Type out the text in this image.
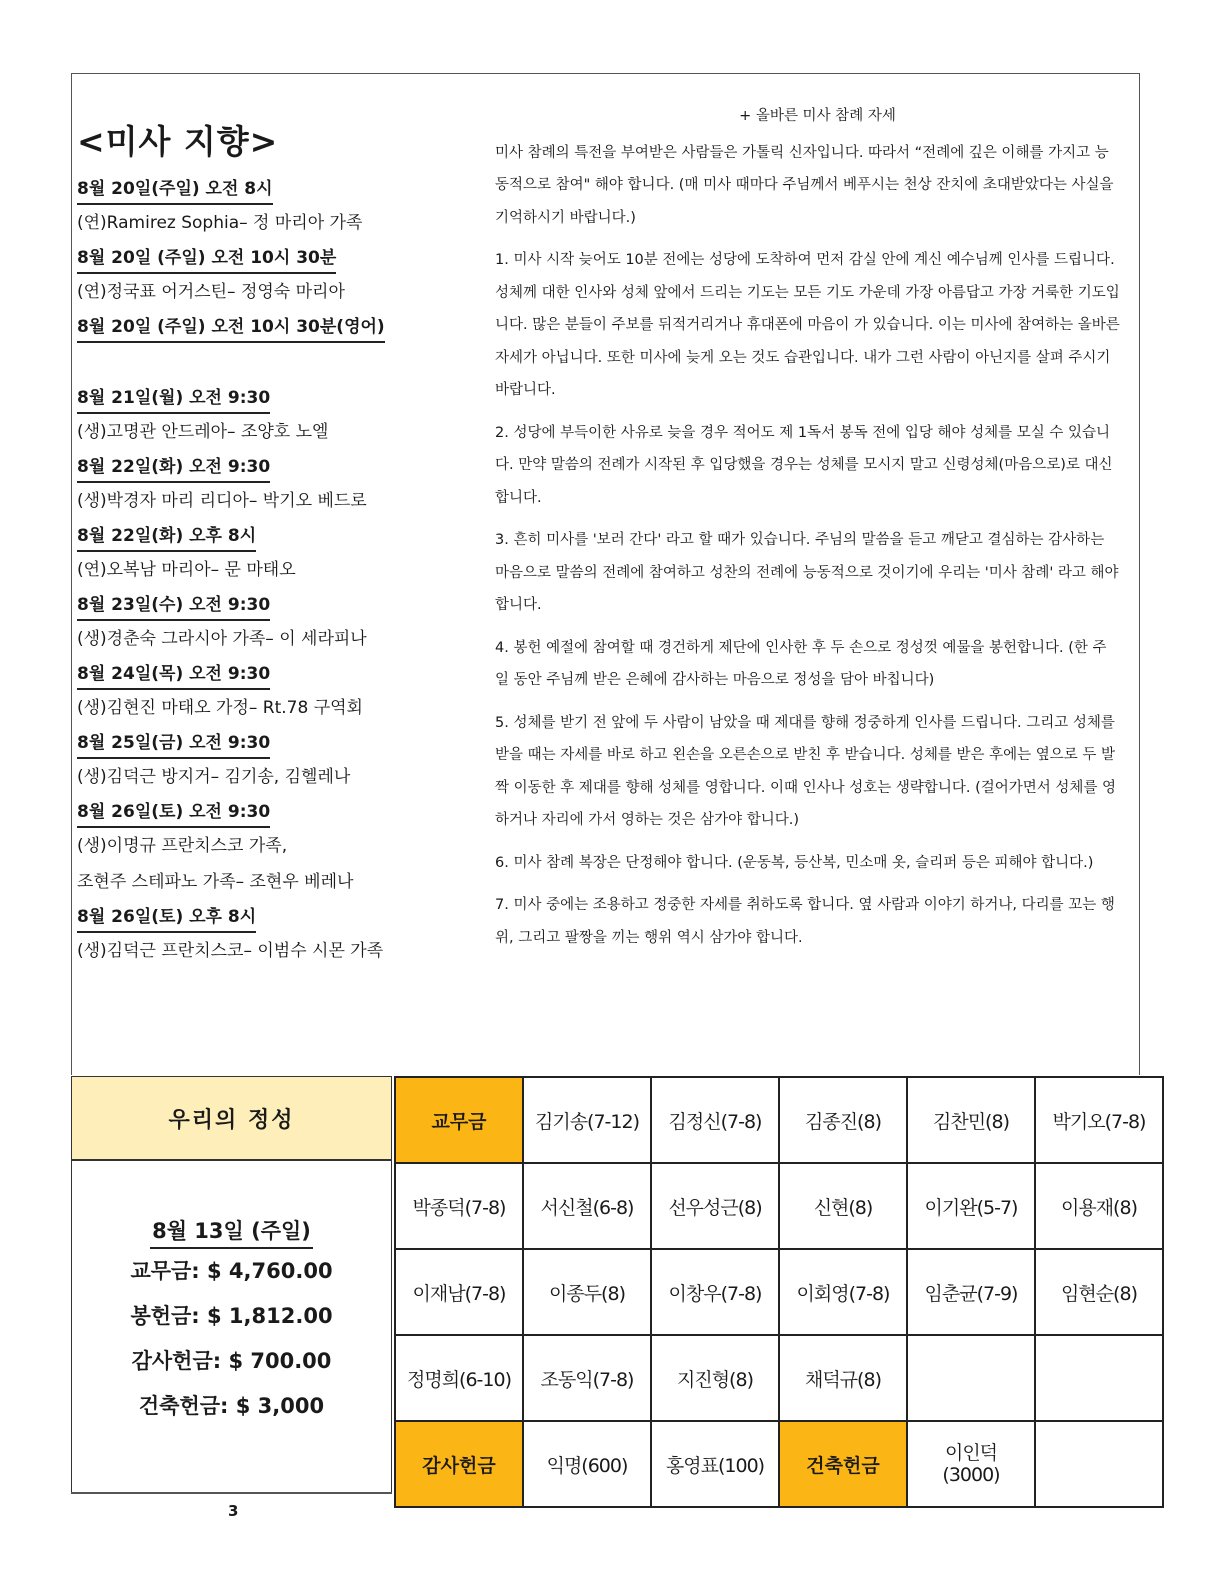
<미사 지향>
8월 20일(주일) 오전 8시
(연)Ramirez Sophia– 정 마리아 가족
8월 20일 (주일) 오전 10시 30분
(연)정국표 어거스틴– 정영숙 마리아
8월 20일 (주일) 오전 10시 30분(영어)
8월 21일(월) 오전 9:30
(생)고명관 안드레아– 조양호 노엘
8월 22일(화) 오전 9:30
(생)박경자 마리 리디아– 박기오 베드로
8월 22일(화) 오후 8시
(연)오복남 마리아– 문 마태오
8월 23일(수) 오전 9:30
(생)경춘숙 그라시아 가족– 이 세라피나
8월 24일(목) 오전 9:30
(생)김현진 마태오 가정– Rt.78 구역회
8월 25일(금) 오전 9:30
(생)김덕근 방지거– 김기송, 김헬레나
8월 26일(토) 오전 9:30
(생)이명규 프란치스코 가족,
조현주 스테파노 가족– 조현우 베레나
8월 26일(토) 오후 8시
(생)김덕근 프란치스코– 이범수 시몬 가족

+ 올바른 미사 참례 자세

미사 참례의 특전을 부여받은 사람들은 가톨릭 신자입니다. 따라서 “전례에 깊은 이해를 가지고 능동적으로 참여" 해야 합니다. (매 미사 때마다 주님께서 베푸시는 천상 잔치에 초대받았다는 사실을 기억하시기 바랍니다.)

1. 미사 시작 늦어도 10분 전에는 성당에 도착하여 먼저 감실 안에 계신 예수님께 인사를 드립니다. 성체께 대한 인사와 성체 앞에서 드리는 기도는 모든 기도 가운데 가장 아름답고 가장 거룩한 기도입니다. 많은 분들이 주보를 뒤적거리거나 휴대폰에 마음이 가 있습니다. 이는 미사에 참여하는 올바른 자세가 아닙니다. 또한 미사에 늦게 오는 것도 습관입니다. 내가 그런 사람이 아닌지를 살펴 주시기 바랍니다.

2. 성당에 부득이한 사유로 늦을 경우 적어도 제 1독서 봉독 전에 입당 해야 성체를 모실 수 있습니다. 만약 말씀의 전례가 시작된 후 입당했을 경우는 성체를 모시지 말고 신령성체(마음으로)로 대신 합니다.

3. 흔히 미사를 '보러 간다' 라고 할 때가 있습니다. 주님의 말씀을 듣고 깨닫고 결심하는 감사하는 마음으로 말씀의 전례에 참여하고 성찬의 전례에 능동적으로 것이기에 우리는 '미사 참례' 라고 해야 합니다.

4. 봉헌 예절에 참여할 때 경건하게 제단에 인사한 후 두 손으로 정성껏 예물을 봉헌합니다. (한 주일 동안 주님께 받은 은혜에 감사하는 마음으로 정성을 담아 바칩니다)

5. 성체를 받기 전 앞에 두 사람이 남았을 때 제대를 향해 정중하게 인사를 드립니다. 그리고 성체를 받을 때는 자세를 바로 하고 왼손을 오른손으로 받친 후 받습니다. 성체를 받은 후에는 옆으로 두 발짝 이동한 후 제대를 향해 성체를 영합니다. 이때 인사나 성호는 생략합니다. (걸어가면서 성체를 영하거나 자리에 가서 영하는 것은 삼가야 합니다.)

6. 미사 참례 복장은 단정해야 합니다. (운동복, 등산복, 민소매 옷, 슬리퍼 등은 피해야 합니다.)

7. 미사 중에는 조용하고 정중한 자세를 취하도록 합니다. 옆 사람과 이야기 하거나, 다리를 꼬는 행위, 그리고 팔짱을 끼는 행위 역시 삼가야 합니다.

우리의 정성
8월 13일 (주일)
교무금: $ 4,760.00
봉헌금: $ 1,812.00
감사헌금: $ 700.00
건축헌금: $ 3,000
교무금	김기송(7-12)	김정신(7-8)	김종진(8)	김찬민(8)	박기오(7-8)
박종덕(7-8)	서신철(6-8)	선우성근(8)	신현(8)	이기완(5-7)	이용재(8)
이재남(7-8)	이종두(8)	이창우(7-8)	이회영(7-8)	임춘균(7-9)	임현순(8)
정명희(6-10)	조동익(7-8)	지진형(8)	채덕규(8)		
감사헌금	익명(600)	홍영표(100)	건축헌금	이인덕
(3000)	

3
